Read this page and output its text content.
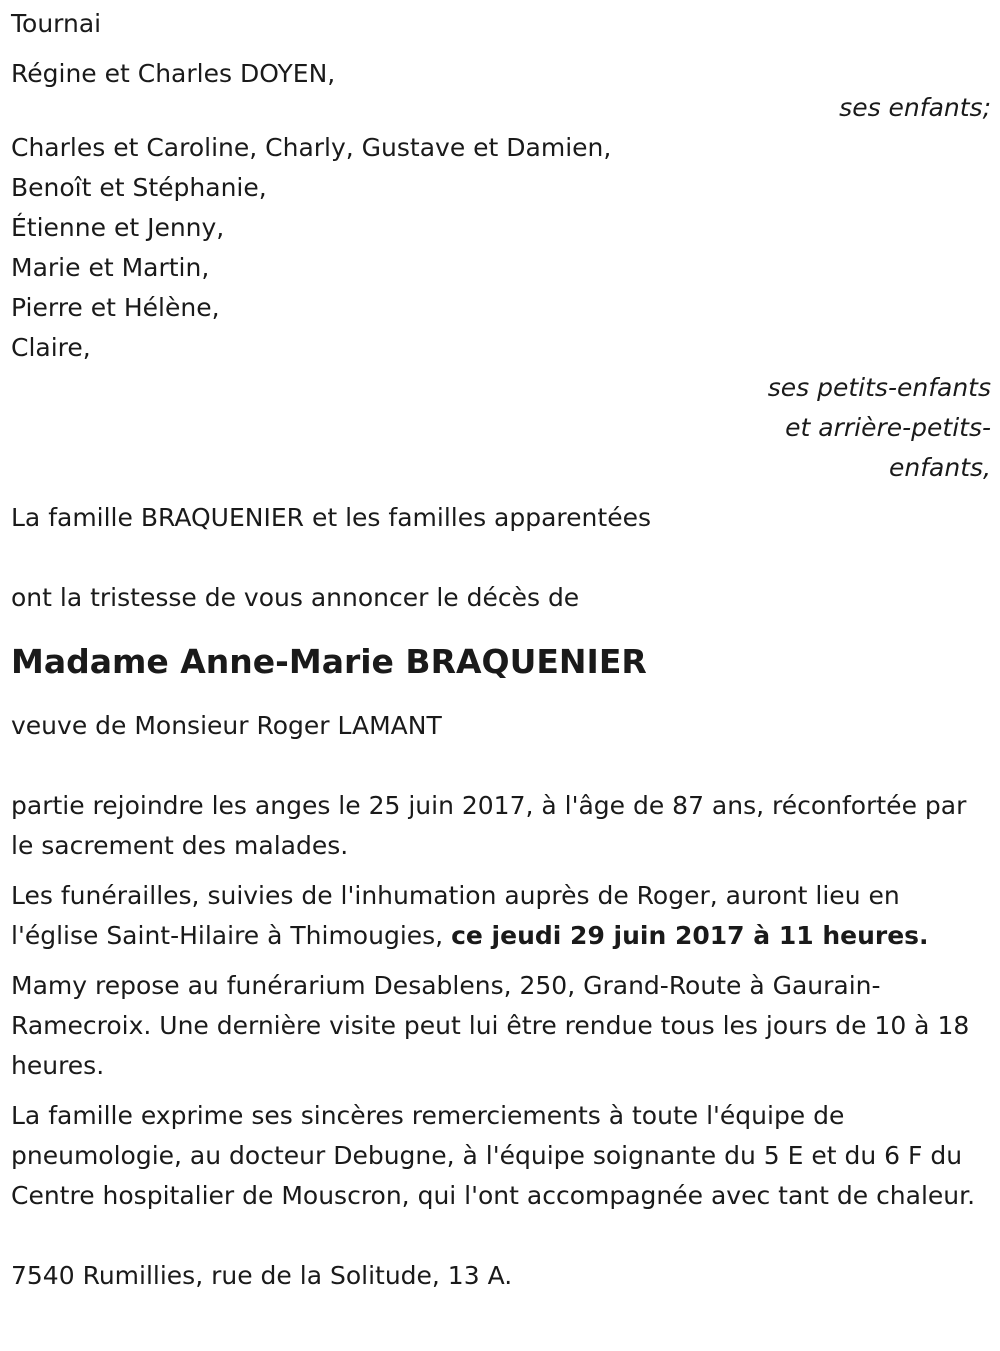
Tournai
Régine et Charles DOYEN,
ses enfants;
Charles et Caroline, Charly, Gustave et Damien,
Benoît et Stéphanie,
Étienne et Jenny,
Marie et Martin,
Pierre et Hélène,
Claire,
ses petits-enfants
et arrière-petits-
enfants,
La famille BRAQUENIER et les familles apparentées
ont la tristesse de vous annoncer le décès de
Madame Anne-Marie BRAQUENIER
veuve de Monsieur Roger LAMANT
partie rejoindre les anges le 25 juin 2017, à l'âge de 87 ans, réconfortée par le sacrement des malades.
Les funérailles, suivies de l'inhumation auprès de Roger, auront lieu en l'église Saint-Hilaire à Thimougies, ce jeudi 29 juin 2017 à 11 heures.
Mamy repose au funérarium Desablens, 250, Grand-Route à Gaurain-Ramecroix. Une dernière visite peut lui être rendue tous les jours de 10 à 18 heures.
La famille exprime ses sincères remerciements à toute l'équipe de pneumologie, au docteur Debugne, à l'équipe soignante du 5 E et du 6 F du Centre hospitalier de Mouscron, qui l'ont accompagnée avec tant de chaleur.
7540 Rumillies, rue de la Solitude, 13 A.
